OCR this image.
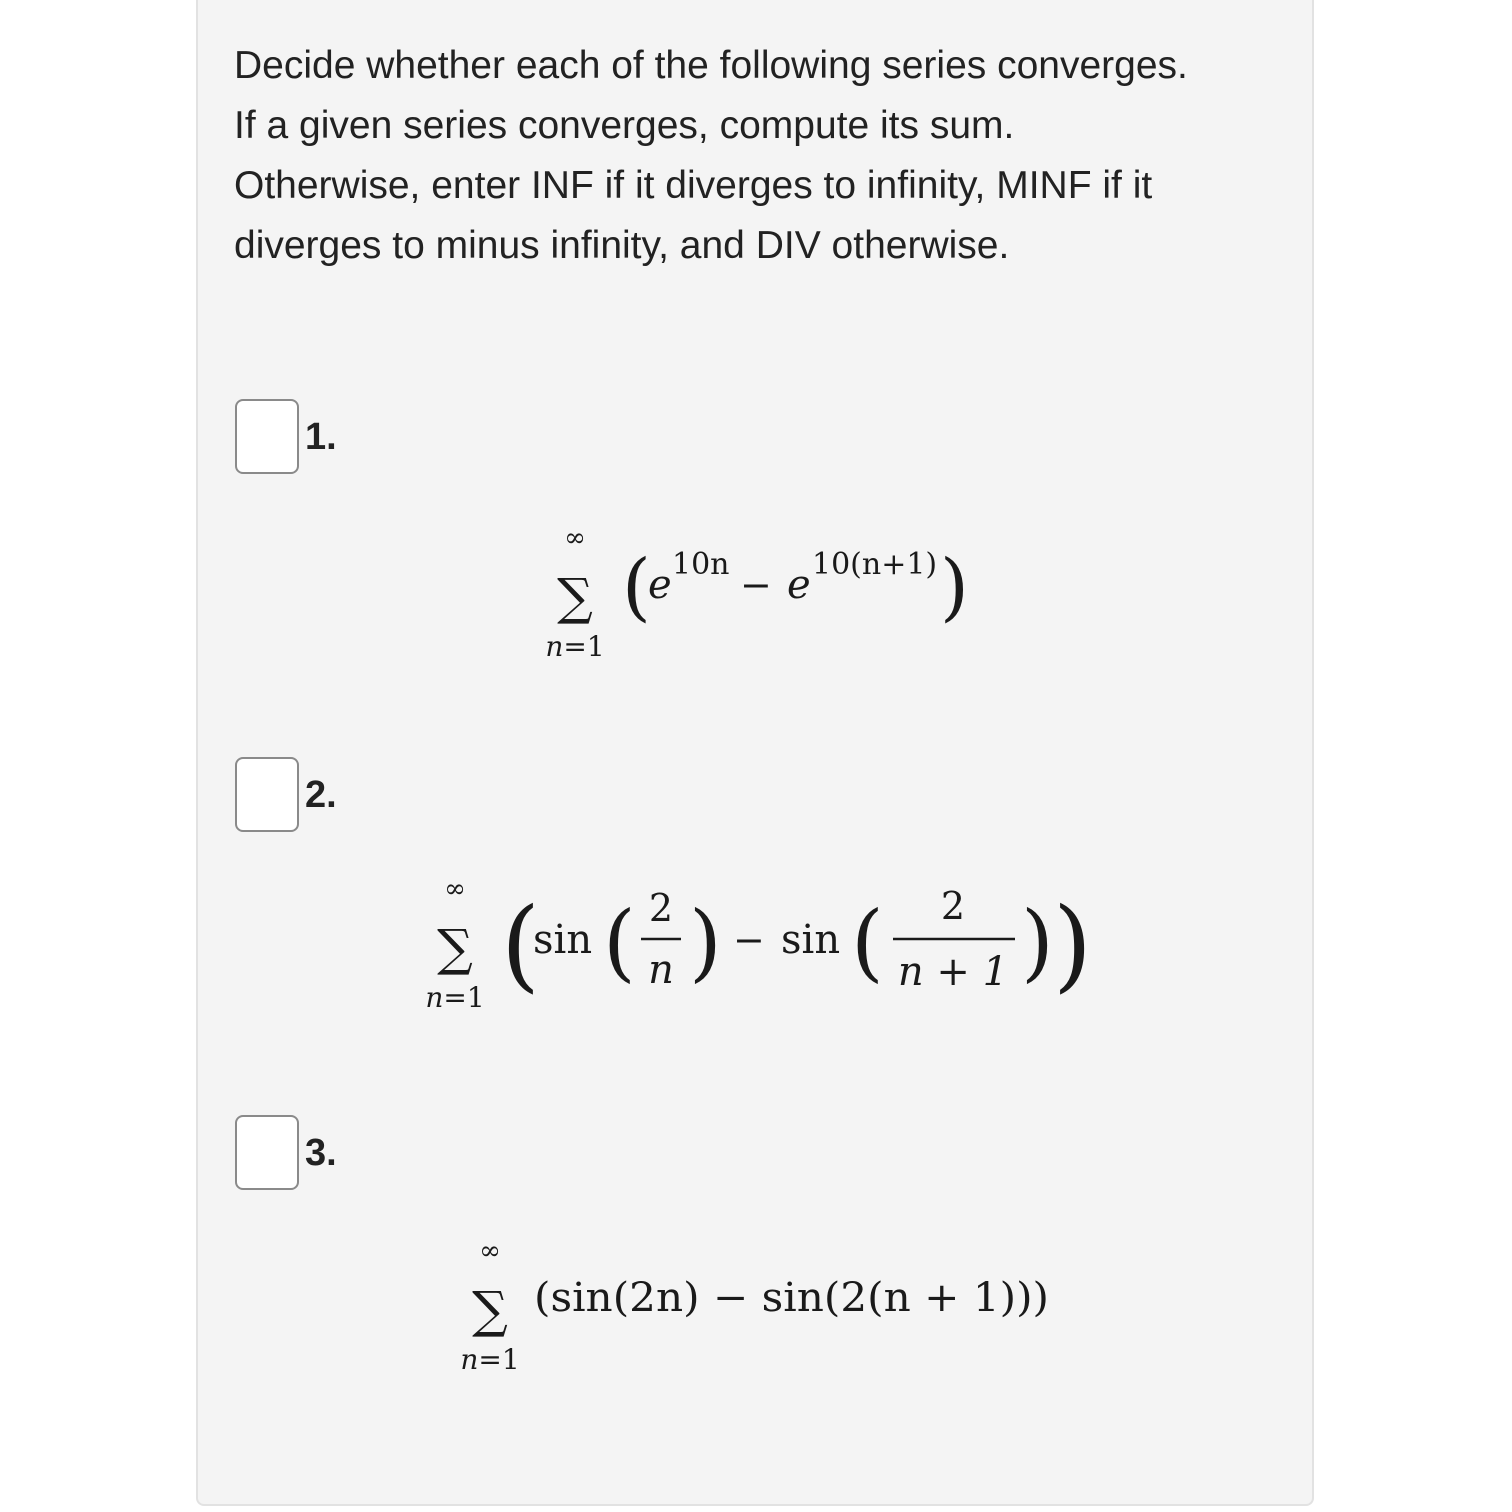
Decide whether each of the following series converges.
If a given series converges, compute its sum.
Otherwise, enter INF if it diverges to infinity, MINF if it
diverges to minus infinity, and DIV otherwise.
1.
∞
∑
n=1
(
e 10n − e 10(n+1) )
2.
∞
∑
n=1 (
sin ( 2
n ) − sin ( 2
n + 1 ) )
3.
∞
∑
n=1
(sin(2n) − sin(2(n + 1)))
